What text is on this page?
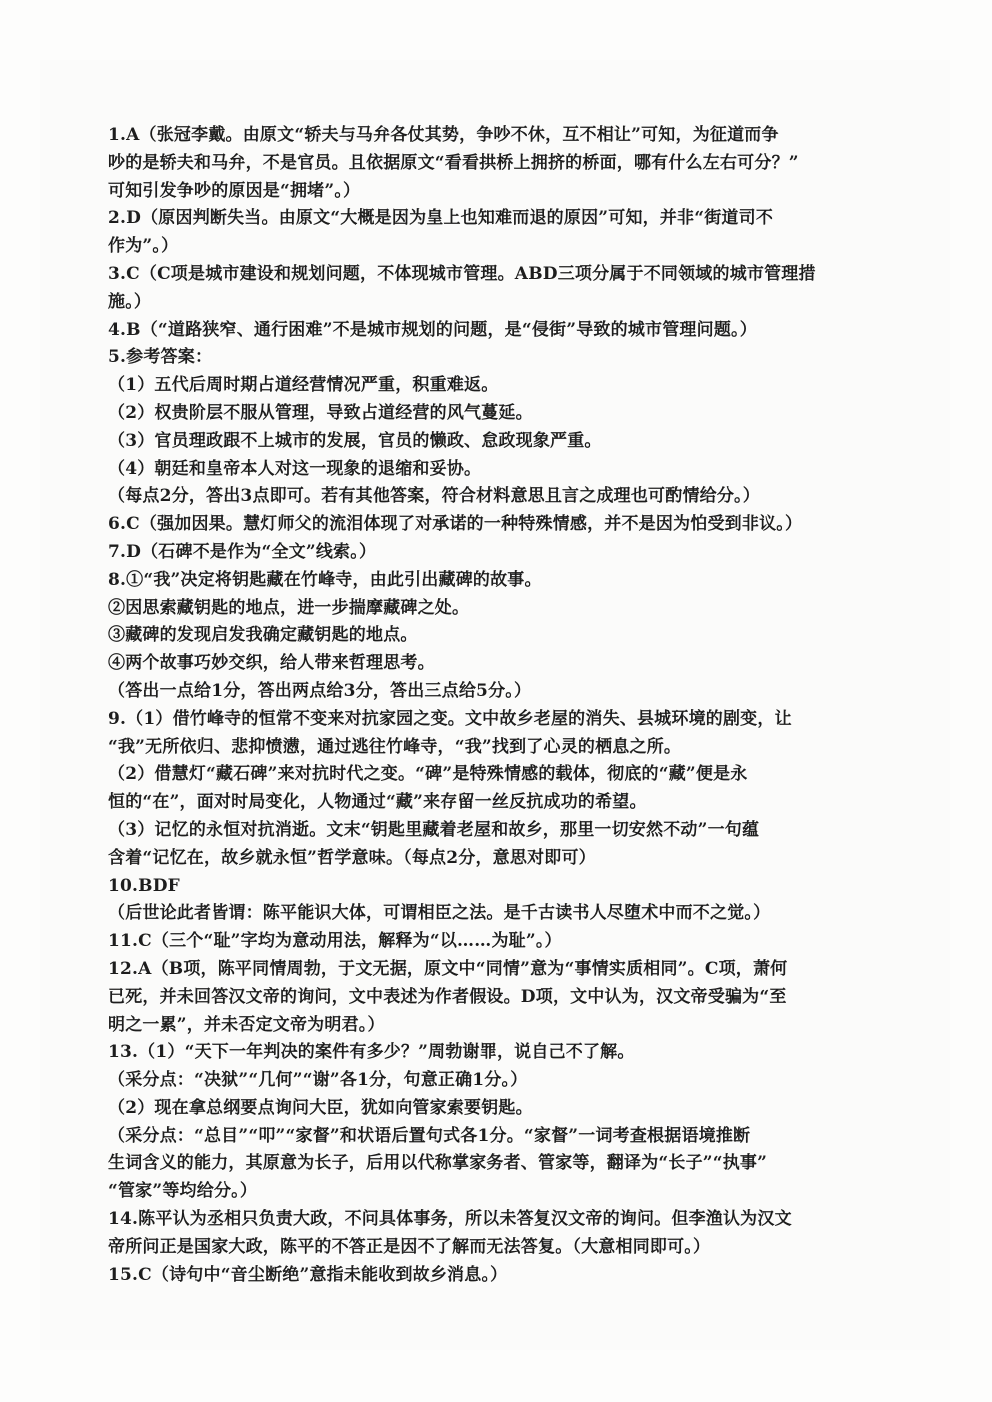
1.A（张冠李戴。由原文“轿夫与马弁各仗其势，争吵不休，互不相让”可知，为征道而争
吵的是轿夫和马弁，不是官员。且依据原文“看看拱桥上拥挤的桥面，哪有什么左右可分？”
可知引发争吵的原因是“拥堵”。）
2.D（原因判断失当。由原文“大概是因为皇上也知难而退的原因”可知，并非“街道司不
作为”。）
3.C（C项是城市建设和规划问题，不体现城市管理。ABD三项分属于不同领域的城市管理措
施。）
4.B（“道路狭窄、通行困难”不是城市规划的问题，是“侵街”导致的城市管理问题。）
5.参考答案：
（1）五代后周时期占道经营情况严重，积重难返。
（2）权贵阶层不服从管理，导致占道经营的风气蔓延。
（3）官员理政跟不上城市的发展，官员的懒政、怠政现象严重。
（4）朝廷和皇帝本人对这一现象的退缩和妥协。
（每点2分，答出3点即可。若有其他答案，符合材料意思且言之成理也可酌情给分。）
6.C（强加因果。慧灯师父的流泪体现了对承诺的一种特殊情感，并不是因为怕受到非议。）
7.D（石碑不是作为“全文”线索。）
8.①“我”决定将钥匙藏在竹峰寺，由此引出藏碑的故事。
②因思索藏钥匙的地点，进一步揣摩藏碑之处。
③藏碑的发现启发我确定藏钥匙的地点。
④两个故事巧妙交织，给人带来哲理思考。
（答出一点给1分，答出两点给3分，答出三点给5分。）
9.（1）借竹峰寺的恒常不变来对抗家园之变。文中故乡老屋的消失、县城环境的剧变，让
“我”无所依归、悲抑愤懑，通过逃往竹峰寺，“我”找到了心灵的栖息之所。
（2）借慧灯“藏石碑”来对抗时代之变。“碑”是特殊情感的载体，彻底的“藏”便是永
恒的“在”，面对时局变化，人物通过“藏”来存留一丝反抗成功的希望。
（3）记忆的永恒对抗消逝。文末“钥匙里藏着老屋和故乡，那里一切安然不动”一句蕴
含着“记忆在，故乡就永恒”哲学意味。（每点2分，意思对即可）
10.BDF
（后世论此者皆谓：陈平能识大体，可谓相臣之法。是千古读书人尽堕术中而不之觉。）
11.C（三个“耻”字均为意动用法，解释为“以……为耻”。）
12.A（B项，陈平同情周勃，于文无据，原文中“同情”意为“事情实质相同”。C项，萧何
已死，并未回答汉文帝的询问，文中表述为作者假设。D项，文中认为，汉文帝受骗为“至
明之一累”，并未否定文帝为明君。）
13.（1）“天下一年判决的案件有多少？”周勃谢罪，说自己不了解。
（采分点：“决狱”“几何”“谢”各1分，句意正确1分。）
（2）现在拿总纲要点询问大臣，犹如向管家索要钥匙。
（采分点：“总目”“叩”“家督”和状语后置句式各1分。“家督”一词考查根据语境推断
生词含义的能力，其原意为长子，后用以代称掌家务者、管家等，翻译为“长子”“执事”
“管家”等均给分。）
14.陈平认为丞相只负责大政，不问具体事务，所以未答复汉文帝的询问。但李渔认为汉文
帝所问正是国家大政，陈平的不答正是因不了解而无法答复。（大意相同即可。）
15.C（诗句中“音尘断绝”意指未能收到故乡消息。）
